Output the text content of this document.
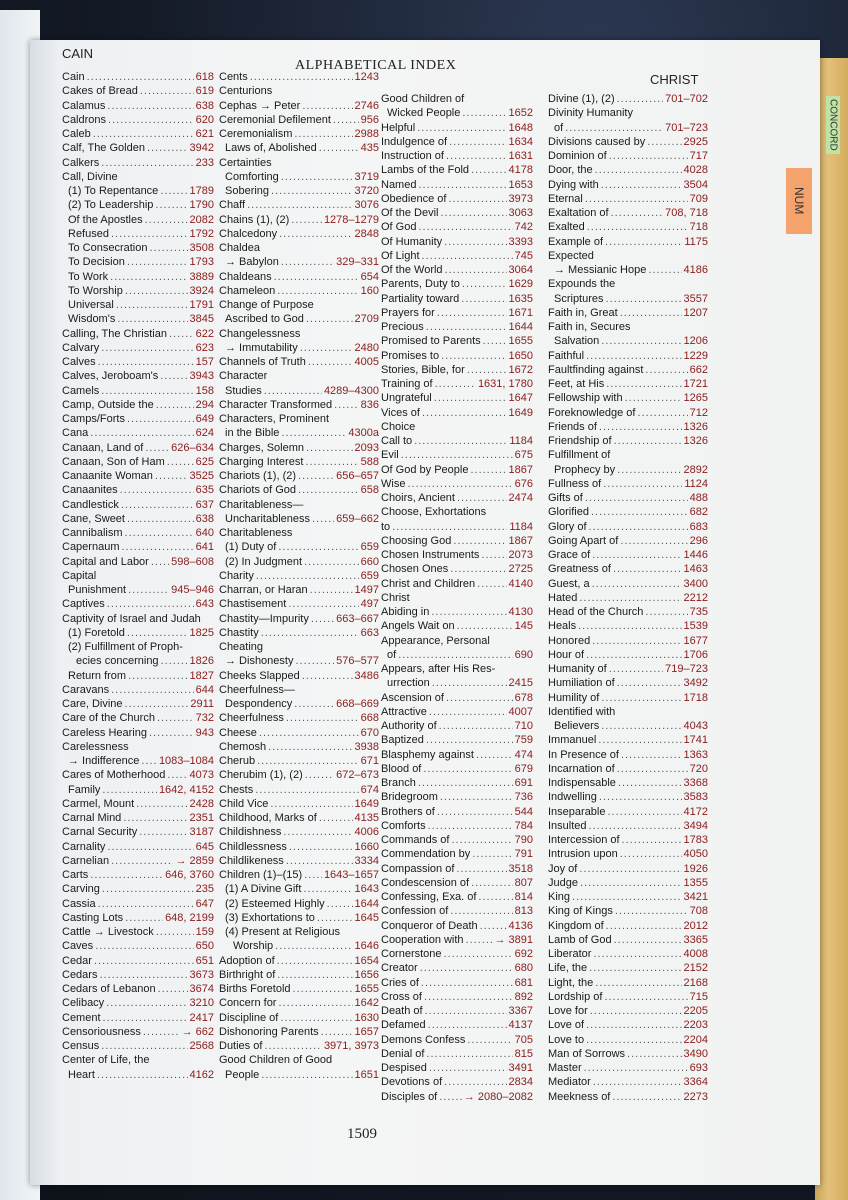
CONCORD
NUM
CAIN
ALPHABETICAL INDEX
CHRIST
Cain .....	618
Cakes of Bread .....	619
Calamus .....	638
Caldrons .....	620
Caleb .....	621
Calf, The Golden .....	3942
Calkers .....	233
Call, Divine
(1) To Repentance .....	1789
(2) To Leadership .....	1790
Of the Apostles .....	2082
Refused .....	1792
To Consecration .....	3508
To Decision .....	1793
To Work .....	3889
To Worship .....	3924
Universal .....	1791
Wisdom's .....	3845
Calling, The Christian .....	622
Calvary .....	623
Calves .....	157
Calves, Jeroboam's .....	3943
Camels .....	158
Camp, Outside the .....	294
Camps/Forts .....	649
Cana .....	624
Canaan, Land of .....	626–634
Canaan, Son of Ham .....	625
Canaanite Woman .....	3525
Canaanites .....	635
Candlestick .....	637
Cane, Sweet .....	638
Cannibalism .....	640
Capernaum .....	641
Capital and Labor ..... 598–608
Capital
Punishment .....	945–946
Captives .....	643
Captivity of Israel and Judah
(1) Foretold .....	1825
(2) Fulfillment of Proph-
ecies concerning .....	1826
Return from .....	1827
Caravans .....	644
Care, Divine .....	2911
Care of the Church .....	732
Careless Hearing .....	943
Carelessness
→ Indifference ..... 1083–1084
Cares of Motherhood ..... 4073
Family .....	1642, 4152
Carmel, Mount .....	2428
Carnal Mind .....	2351
Carnal Security .....	3187
Carnality .....	645
Carnelian .....	→ 2859
Carts .....	646, 3760
Carving .....	235
Cassia .....	647
Casting Lots .....	648, 2199
Cattle → Livestock .....	159
Caves .....	650
Cedar .....	651
Cedars .....	3673
Cedars of Lebanon .....	3674
Celibacy .....	3210
Cement .....	2417
Censoriousness .....	→ 662
Census .....	2568
Center of Life, the
Heart .....	4162
Cents .....	1243
Centurions
Cephas → Peter .....	2746
Ceremonial Defilement .....	956
Ceremonialism .....	2988
Laws of, Abolished .....	435
Certainties
Comforting .....	3719
Sobering .....	3720
Chaff .....	3076
Chains (1), (2) .....	1278–1279
Chalcedony .....	2848
Chaldea
→ Babylon .....	329–331
Chaldeans .....	654
Chameleon .....	160
Change of Purpose
Ascribed to God .....	2709
Changelessness
→ Immutability .....	2480
Channels of Truth .....	4005
Character
Studies .....	4289–4300
Character Transformed .....	836
Characters, Prominent
in the Bible .....	4300a
Charges, Solemn .....	2093
Charging Interest .....	588
Chariots (1), (2) .....	656–657
Chariots of God .....	658
Charitableness—
Uncharitableness ..... 659–662
Charitableness
(1) Duty of .....	659
(2) In Judgment .....	660
Charity .....	659
Charran, or Haran .....	1497
Chastisement .....	497
Chastity—Impurity ..... 663–667
Chastity .....	663
Cheating
→ Dishonesty .....	576–577
Cheeks Slapped .....	3486
Cheerfulness—
Despondency .....	668–669
Cheerfulness .....	668
Cheese .....	670
Chemosh .....	3938
Cherub .....	671
Cherubim (1), (2) .....	672–673
Chests .....	674
Child Vice .....	1649
Childhood, Marks of .....	4135
Childishness .....	4006
Childlessness .....	1660
Childlikeness .....	3334
Children (1)–(15) ..... 1643–1657
(1) A Divine Gift .....	1643
(2) Esteemed Highly .....	1644
(3) Exhortations to .....	1645
(4) Present at Religious
Worship .....	1646
Adoption of .....	1654
Birthright of .....	1656
Births Foretold .....	1655
Concern for .....	1642
Discipline of .....	1630
Dishonoring Parents .....	1657
Duties of .....	3971, 3973
Good Children of Good
People .....	1651
Good Children of
Wicked People .....	1652
Helpful .....	1648
Indulgence of .....	1634
Instruction of .....	1631
Lambs of the Fold .....	4178
Named .....	1653
Obedience of .....	3973
Of the Devil .....	3063
Of God .....	742
Of Humanity .....	3393
Of Light .....	745
Of the World .....	3064
Parents, Duty to .....	1629
Partiality toward .....	1635
Prayers for .....	1671
Precious .....	1644
Promised to Parents .....	1655
Promises to .....	1650
Stories, Bible, for .....	1672
Training of .....	1631, 1780
Ungrateful .....	1647
Vices of .....	1649
Choice
Call to .....	1184
Evil .....	675
Of God by People .....	1867
Wise .....	676
Choirs, Ancient .....	2474
Choose, Exhortations
to .....	1184
Choosing God .....	1867
Chosen Instruments .....	2073
Chosen Ones .....	2725
Christ and Children .....	4140
Christ
Abiding in .....	4130
Angels Wait on .....	145
Appearance, Personal
of .....	690
Appears, after His Res-
urrection .....	2415
Ascension of .....	678
Attractive .....	4007
Authority of .....	710
Baptized .....	759
Blasphemy against .....	474
Blood of .....	679
Branch .....	691
Bridegroom .....	736
Brothers of .....	544
Comforts .....	784
Commands of .....	790
Commendation by .....	791
Compassion of .....	3518
Condescension of .....	807
Confessing, Exa. of .....	814
Confession of .....	813
Conqueror of Death .....	4136
Cooperation with .....	→ 3891
Cornerstone .....	692
Creator .....	680
Cries of .....	681
Cross of .....	892
Death of .....	3367
Defamed .....	4137
Demons Confess .....	705
Denial of .....	815
Despised .....	3491
Devotions of .....	2834
Disciples of ..... → 2080–2082
Divine (1), (2) .....	701–702
Divinity Humanity
of .....	701–723
Divisions caused by .....	2925
Dominion of .....	717
Door, the .....	4028
Dying with .....	3504
Eternal .....	709
Exaltation of .....	708, 718
Exalted .....	718
Example of .....	1175
Expected
→ Messianic Hope .....	4186
Expounds the
Scriptures .....	3557
Faith in, Great .....	1207
Faith in, Secures
Salvation .....	1206
Faithful .....	1229
Faultfinding against .....	662
Feet, at His .....	1721
Fellowship with .....	1265
Foreknowledge of .....	712
Friends of .....	1326
Friendship of .....	1326
Fulfillment of
Prophecy by .....	2892
Fullness of .....	1124
Gifts of .....	488
Glorified .....	682
Glory of .....	683
Going Apart of .....	296
Grace of .....	1446
Greatness of .....	1463
Guest, a .....	3400
Hated .....	2212
Head of the Church .....	735
Heals .....	1539
Honored .....	1677
Hour of .....	1706
Humanity of .....	719–723
Humiliation of .....	3492
Humility of .....	1718
Identified with
Believers .....	4043
Immanuel .....	1741
In Presence of .....	1363
Incarnation of .....	720
Indispensable .....	3368
Indwelling .....	3583
Inseparable .....	4172
Insulted .....	3494
Intercession of .....	1783
Intrusion upon .....	4050
Joy of .....	1926
Judge .....	1355
King .....	3421
King of Kings .....	708
Kingdom of .....	2012
Lamb of God .....	3365
Liberator .....	4008
Life, the .....	2152
Light, the .....	2168
Lordship of .....	715
Love for .....	2205
Love of .....	2203
Love to .....	2204
Man of Sorrows .....	3490
Master .....	693
Mediator .....	3364
Meekness of .....	2273
1509
